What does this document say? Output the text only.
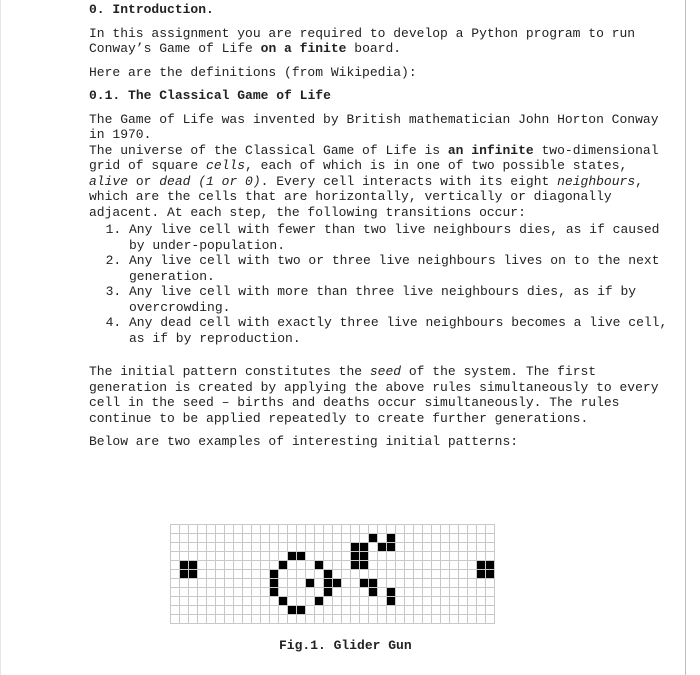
0. Introduction.

In this assignment you are required to develop a Python program to run Conway’s Game of Life on a finite board.

Here are the definitions (from Wikipedia):

0.1. The Classical Game of Life

The Game of Life was invented by British mathematician John Horton Conway in 1970.

The universe of the Classical Game of Life is an infinite two-dimensional grid of square cells, each of which is in one of two possible states, alive or dead (1 or 0). Every cell interacts with its eight neighbours, which are the cells that are horizontally, vertically or diagonally adjacent. At each step, the following transitions occur:

1. Any live cell with fewer than two live neighbours dies, as if caused by under-population.
2. Any live cell with two or three live neighbours lives on to the next generation.
3. Any live cell with more than three live neighbours dies, as if by overcrowding.
4. Any dead cell with exactly three live neighbours becomes a live cell, as if by reproduction.

The initial pattern constitutes the seed of the system. The first generation is created by applying the above rules simultaneously to every cell in the seed – births and deaths occur simultaneously. The rules continue to be applied repeatedly to create further generations.

Below are two examples of interesting initial patterns:

Fig.1. Glider Gun
